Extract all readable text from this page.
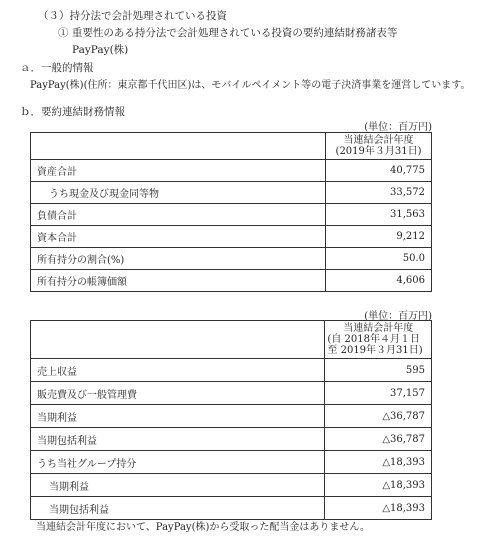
（３）持分法で会計処理されている投資
① 重要性のある持分法で会計処理されている投資の要約連結財務諸表等
PayPay(株)
ａ．一般的情報
PayPay(株)(住所：東京都千代田区)は、モバイルペイメント等の電子決済事業を運営しています。
ｂ．要約連結財務情報
(単位：百万円)

	当連結会計年度
(2019年３月31日)

資産合計	40,775
うち現金及び現金同等物	33,572
負債合計	31,563
資本合計	9,212
所有持分の割合(%)	50.0
所有持分の帳簿価額	4,606
(単位：百万円)

	当連結会計年度
(自 2018年４月１日
至 2019年３月31日)

売上収益	595
販売費及び一般管理費	37,157
当期利益	△36,787
当期包括利益	△36,787
うち当社グループ持分	△18,393
当期利益	△18,393
当期包括利益	△18,393
当連結会計年度において、PayPay(株)から受取った配当金はありません。
